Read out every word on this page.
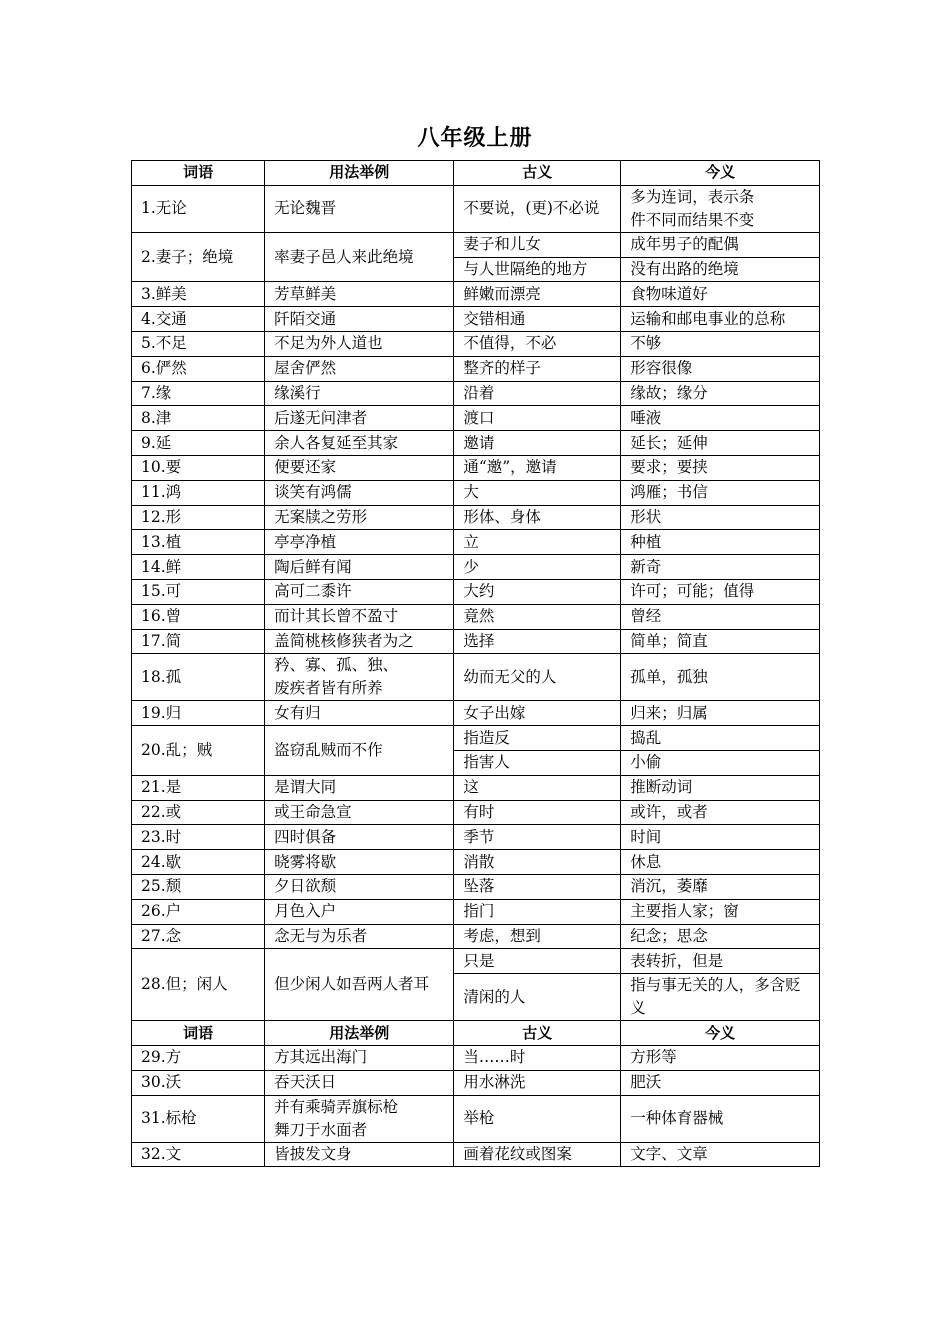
八年级上册
词语	用法举例	古义	今义

1.无论	无论魏晋	不要说，(更)不必说	多为连词，表示条
件不同而结果不变

2.妻子；绝境	率妻子邑人来此绝境	妻子和儿女	成年男子的配偶

		与人世隔绝的地方	没有出路的绝境

3.鲜美	芳草鲜美	鲜嫩而漂亮	食物味道好

4.交通	阡陌交通	交错相通	运输和邮电事业的总称

5.不足	不足为外人道也	不值得，不必	不够

6.俨然	屋舍俨然	整齐的样子	形容很像

7.缘	缘溪行	沿着	缘故；缘分

8.津	后遂无问津者	渡口	唾液

9.延	余人各复延至其家	邀请	延长；延伸

10.要	便要还家	通“邀”，邀请	要求；要挟

11.鸿	谈笑有鸿儒	大	鸿雁；书信

12.形	无案牍之劳形	形体、身体	形状

13.植	亭亭净植	立	种植

14.鲜	陶后鲜有闻	少	新奇

15.可	高可二黍许	大约	许可；可能；值得

16.曾	而计其长曾不盈寸	竟然	曾经

17.简	盖简桃核修狭者为之	选择	简单；简直

18.孤	矜、寡、孤、独、
废疾者皆有所养	幼而无父的人	孤单，孤独

19.归	女有归	女子出嫁	归来；归属

20.乱；贼	盗窃乱贼而不作	指造反	捣乱

		指害人	小偷

21.是	是谓大同	这	推断动词

22.或	或王命急宣	有时	或许，或者

23.时	四时俱备	季节	时间

24.歇	晓雾将歇	消散	休息

25.颓	夕日欲颓	坠落	消沉，萎靡

26.户	月色入户	指门	主要指人家；窗

27.念	念无与为乐者	考虑，想到	纪念；思念

28.但；闲人	但少闲人如吾两人者耳	只是	表转折，但是

		清闲的人	指与事无关的人，多含贬
义

词语	用法举例	古义	今义

29.方	方其远出海门	当……时	方形等

30.沃	吞天沃日	用水淋洗	肥沃

31.标枪	并有乘骑弄旗标枪
舞刀于水面者	举枪	一种体育器械

32.文	皆披发文身	画着花纹或图案	文字、文章
